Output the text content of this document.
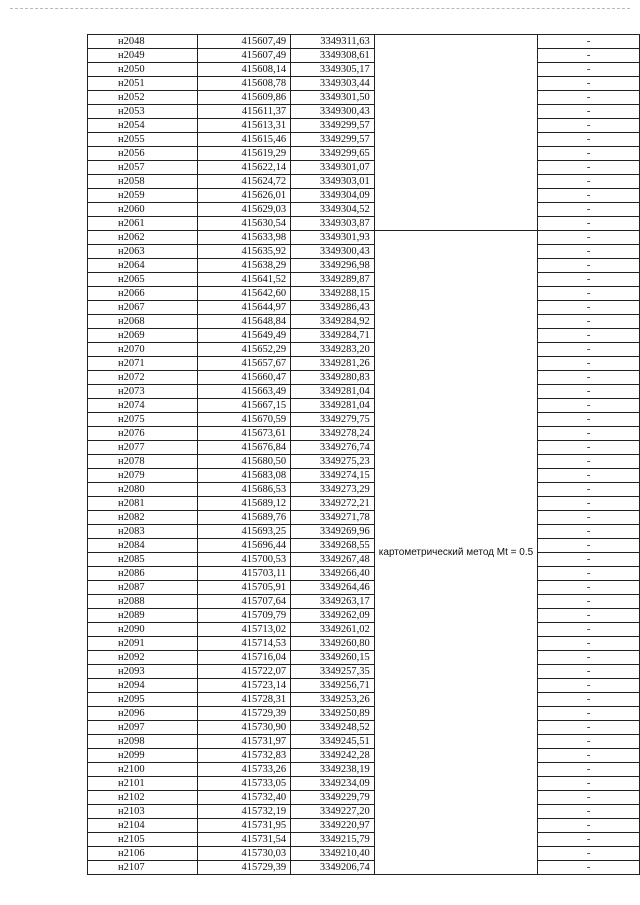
н2048	415607,49	3349311,63		-
н2049	415607,49	3349308,61		-
н2050	415608,14	3349305,17		-
н2051	415608,78	3349303,44		-
н2052	415609,86	3349301,50		-
н2053	415611,37	3349300,43		-
н2054	415613,31	3349299,57		-
н2055	415615,46	3349299,57		-
н2056	415619,29	3349299,65		-
н2057	415622,14	3349301,07		-
н2058	415624,72	3349303,01		-
н2059	415626,01	3349304,09		-
н2060	415629,03	3349304,52		-
н2061	415630,54	3349303,87		-
н2062	415633,98	3349301,93	картометрический метод Mt = 0.5	-
н2063	415635,92	3349300,43		-
н2064	415638,29	3349296,98		-
н2065	415641,52	3349289,87		-
н2066	415642,60	3349288,15		-
н2067	415644,97	3349286,43		-
н2068	415648,84	3349284,92		-
н2069	415649,49	3349284,71		-
н2070	415652,29	3349283,20		-
н2071	415657,67	3349281,26		-
н2072	415660,47	3349280,83		-
н2073	415663,49	3349281,04		-
н2074	415667,15	3349281,04		-
н2075	415670,59	3349279,75		-
н2076	415673,61	3349278,24		-
н2077	415676,84	3349276,74		-
н2078	415680,50	3349275,23		-
н2079	415683,08	3349274,15		-
н2080	415686,53	3349273,29		-
н2081	415689,12	3349272,21		-
н2082	415689,76	3349271,78		-
н2083	415693,25	3349269,96		-
н2084	415696,44	3349268,55		-
н2085	415700,53	3349267,48		-
н2086	415703,11	3349266,40		-
н2087	415705,91	3349264,46		-
н2088	415707,64	3349263,17		-
н2089	415709,79	3349262,09		-
н2090	415713,02	3349261,02		-
н2091	415714,53	3349260,80		-
н2092	415716,04	3349260,15		-
н2093	415722,07	3349257,35		-
н2094	415723,14	3349256,71		-
н2095	415728,31	3349253,26		-
н2096	415729,39	3349250,89		-
н2097	415730,90	3349248,52		-
н2098	415731,97	3349245,51		-
н2099	415732,83	3349242,28		-
н2100	415733,26	3349238,19		-
н2101	415733,05	3349234,09		-
н2102	415732,40	3349229,79		-
н2103	415732,19	3349227,20		-
н2104	415731,95	3349220,97		-
н2105	415731,54	3349215,79		-
н2106	415730,03	3349210,40		-
н2107	415729,39	3349206,74		-
